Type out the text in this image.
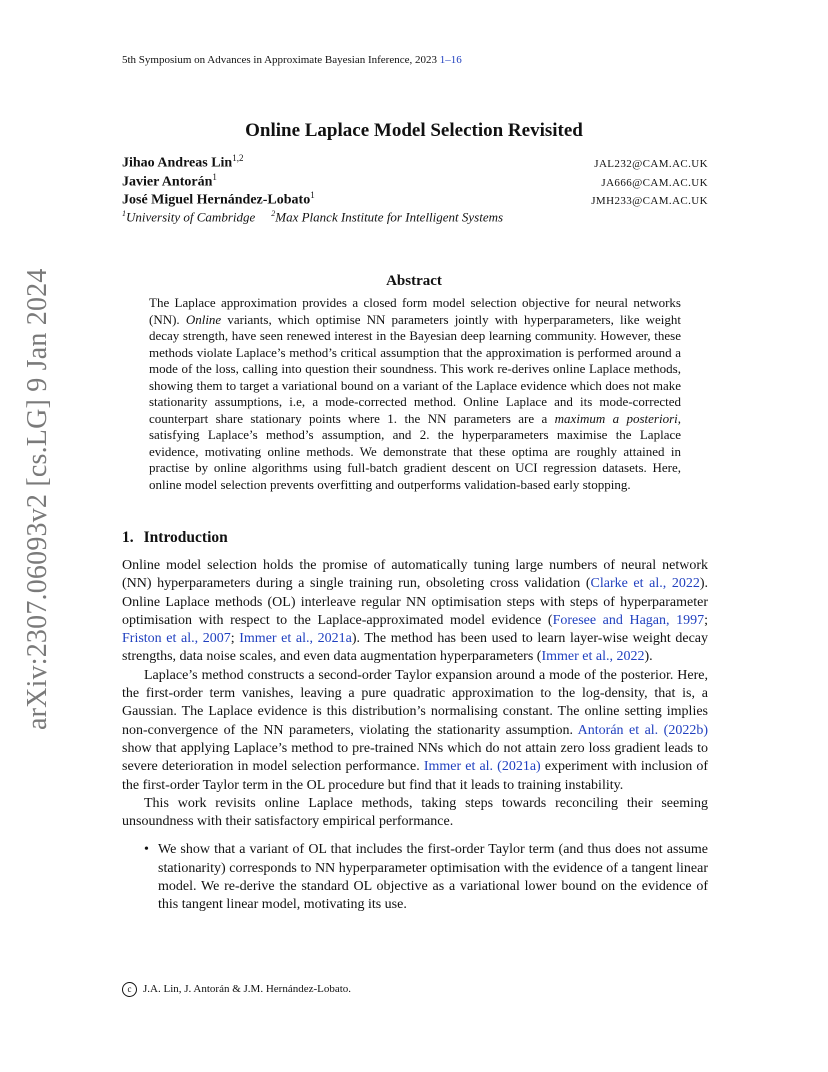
5th Symposium on Advances in Approximate Bayesian Inference, 2023 1–16
arXiv:2307.06093v2 [cs.LG] 9 Jan 2024
Online Laplace Model Selection Revisited
Jihao Andreas Lin$^{1,2}$	JAL232@CAM.AC.UK
Javier Antorán$^1$	JA666@CAM.AC.UK
José Miguel Hernández-Lobato$^1$	JMH233@CAM.AC.UK
$^1$University of Cambridge $^2$Max Planck Institute for Intelligent Systems
Abstract
The Laplace approximation provides a closed form model selection objective for neural networks (NN). Online variants, which optimise NN parameters jointly with hyperparameters, like weight decay strength, have seen renewed interest in the Bayesian deep learning community. However, these methods violate Laplace’s method’s critical assumption that the approximation is performed around a mode of the loss, calling into question their soundness. This work re-derives online Laplace methods, showing them to target a variational bound on a variant of the Laplace evidence which does not make stationarity assumptions, i.e, a mode-corrected method. Online Laplace and its mode-corrected counterpart share stationary points where 1. the NN parameters are a maximum a posteriori, satisfying Laplace’s method’s assumption, and 2. the hyperparameters maximise the Laplace evidence, motivating online methods. We demonstrate that these optima are roughly attained in practise by online algorithms using full-batch gradient descent on UCI regression datasets. Here, online model selection prevents overfitting and outperforms validation-based early stopping.
1. Introduction

Online model selection holds the promise of automatically tuning large numbers of neural network (NN) hyperparameters during a single training run, obsoleting cross validation (Clarke et al., 2022). Online Laplace methods (OL) interleave regular NN optimisation steps with steps of hyperparameter optimisation with respect to the Laplace-approximated model evidence (Foresee and Hagan, 1997; Friston et al., 2007; Immer et al., 2021a). The method has been used to learn layer-wise weight decay strengths, data noise scales, and even data augmentation hyperparameters (Immer et al., 2022).

Laplace’s method constructs a second-order Taylor expansion around a mode of the posterior. Here, the first-order term vanishes, leaving a pure quadratic approximation to the log-density, that is, a Gaussian. The Laplace evidence is this distribution’s normalising constant. The online setting implies non-convergence of the NN parameters, violating the stationarity assumption. Antorán et al. (2022b) show that applying Laplace’s method to pre-trained NNs which do not attain zero loss gradient leads to severe deterioration in model selection performance. Immer et al. (2021a) experiment with inclusion of the first-order Taylor term in the OL procedure but find that it leads to training instability.

This work revisits online Laplace methods, taking steps towards reconciling their seeming unsoundness with their satisfactory empirical performance.

• We show that a variant of OL that includes the first-order Taylor term (and thus does not assume stationarity) corresponds to NN hyperparameter optimisation with the evidence of a tangent linear model. We re-derive the standard OL objective as a variational lower bound on the evidence of this tangent linear model, motivating its use.
c J.A. Lin, J. Antorán & J.M. Hernández-Lobato.
